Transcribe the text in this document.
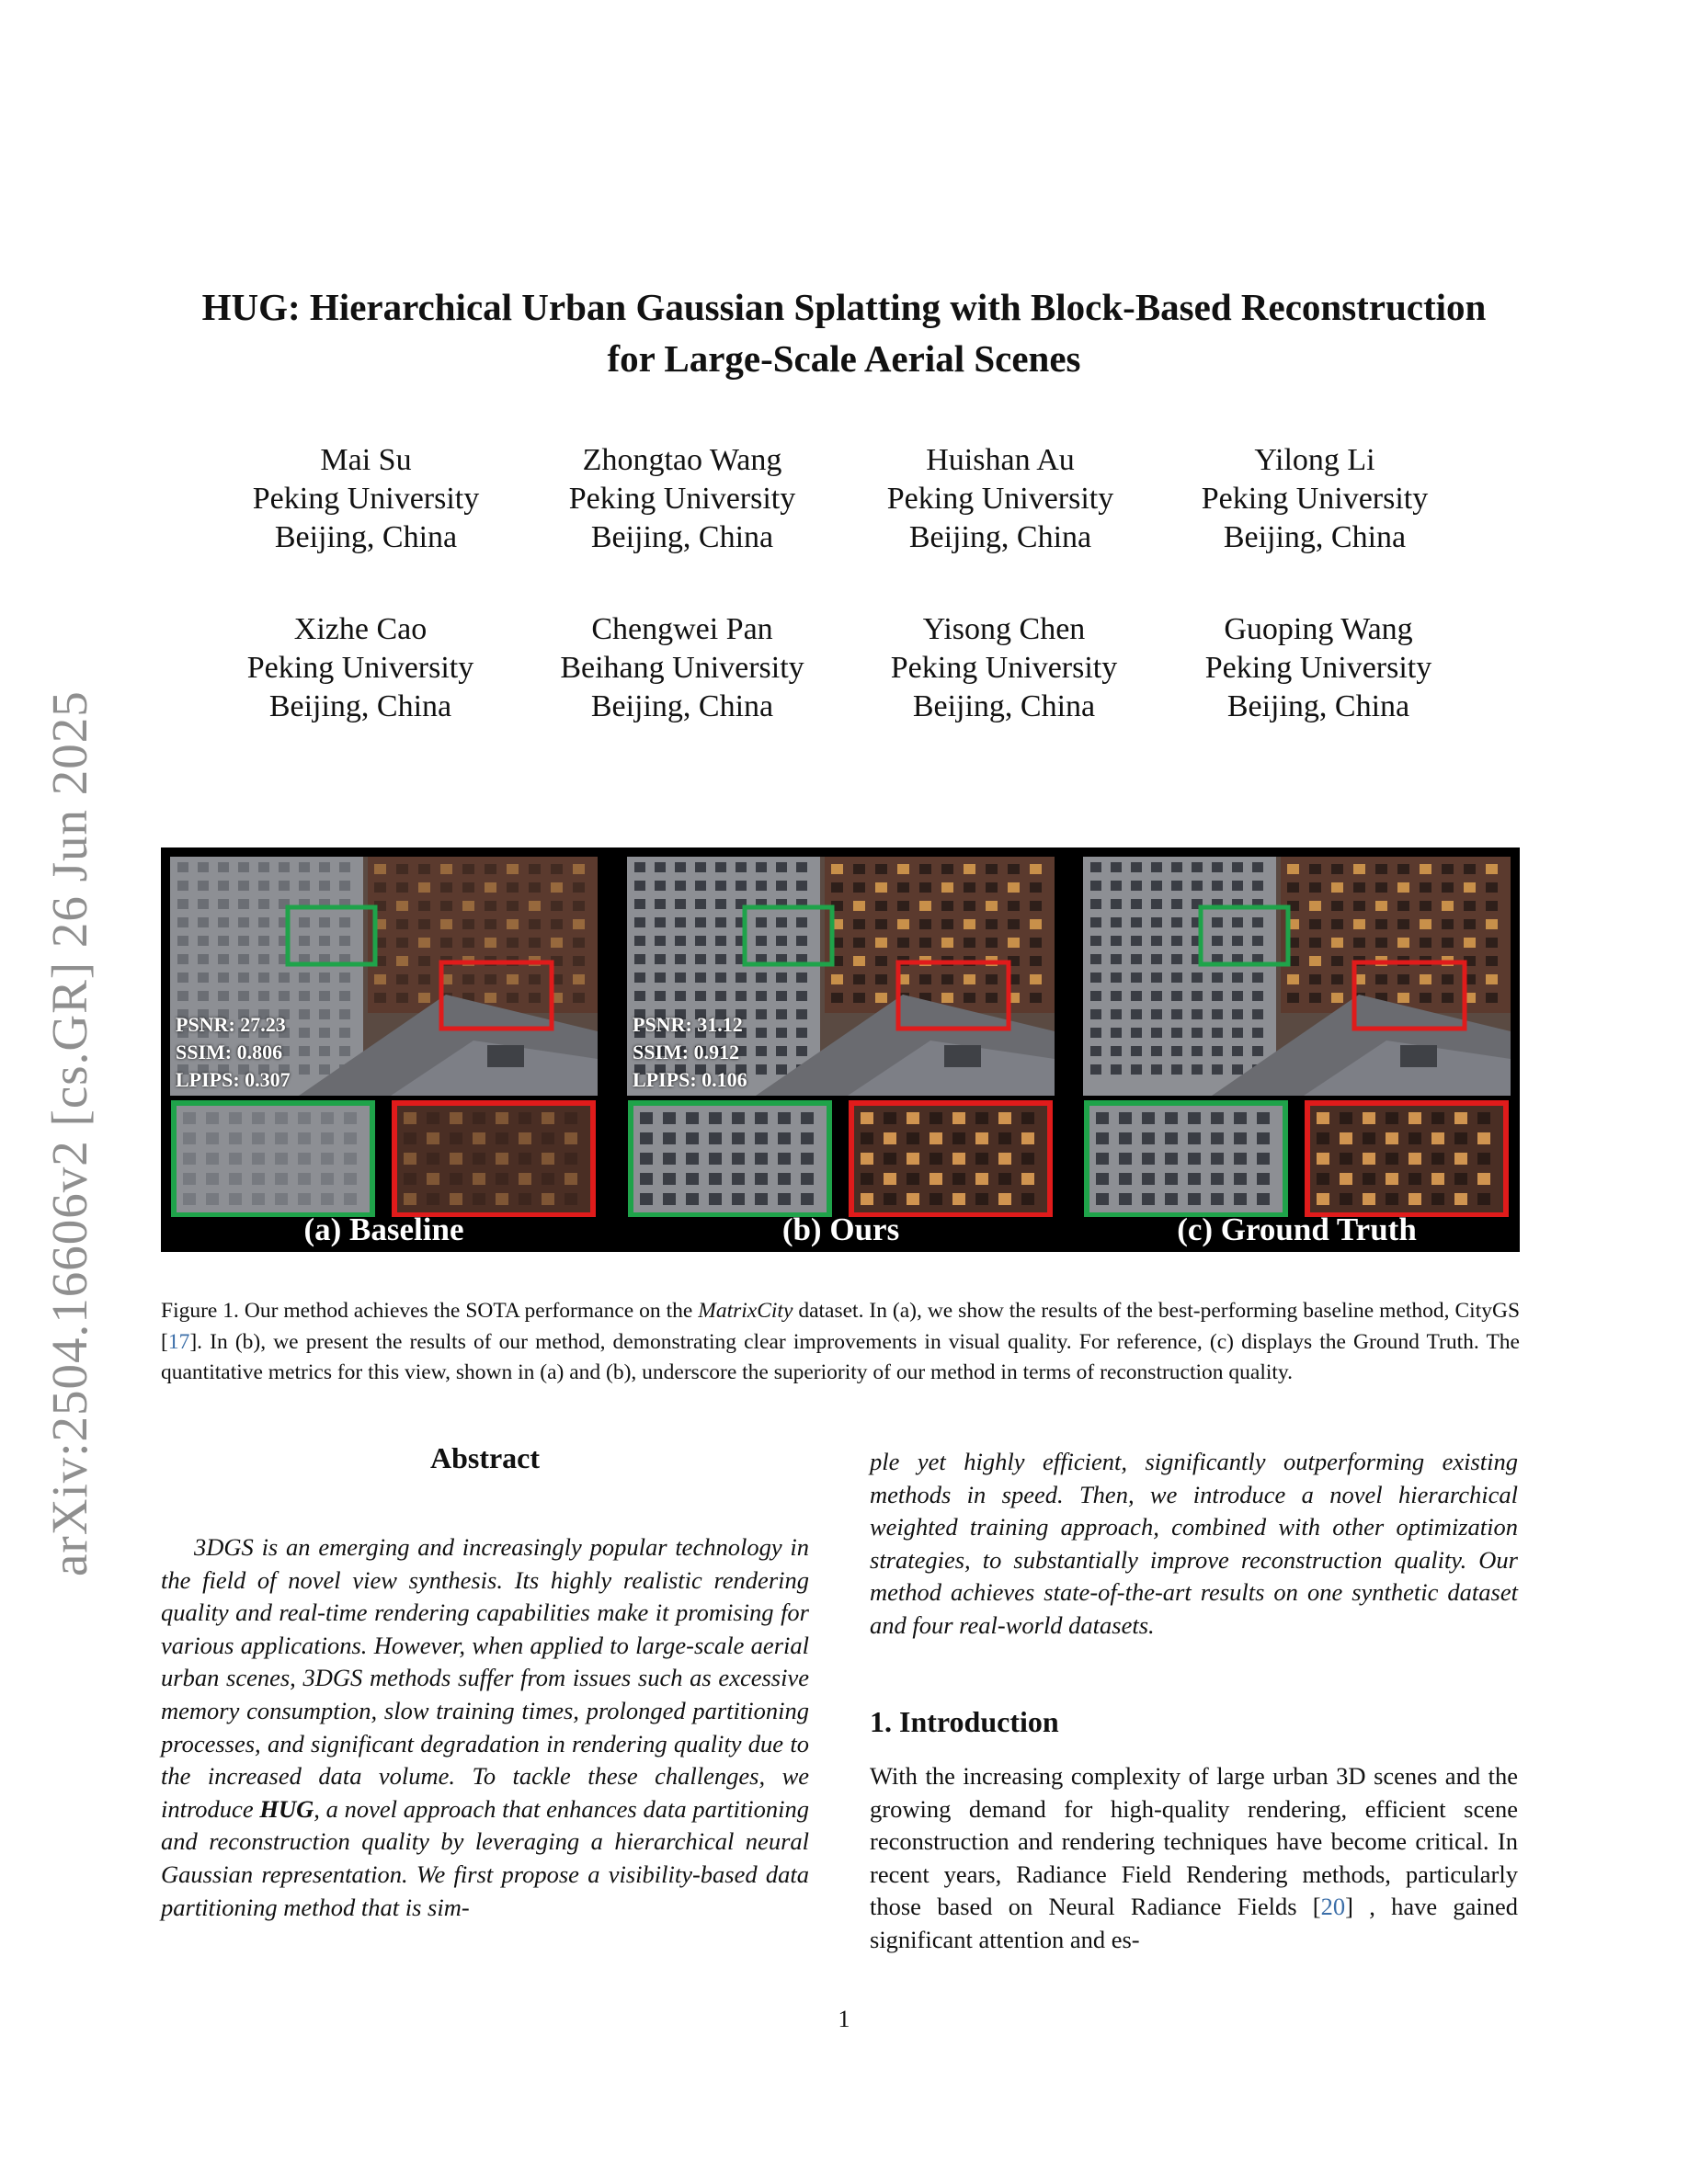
arXiv:2504.16606v2 [cs.GR] 26 Jun 2025
HUG: Hierarchical Urban Gaussian Splatting with Block-Based Reconstruction
for Large-Scale Aerial Scenes
Mai Su
Peking University
Beijing, China
Zhongtao Wang
Peking University
Beijing, China
Huishan Au
Peking University
Beijing, China
Yilong Li
Peking University
Beijing, China
Xizhe Cao
Peking University
Beijing, China
Chengwei Pan
Beihang University
Beijing, China
Yisong Chen
Peking University
Beijing, China
Guoping Wang
Peking University
Beijing, China
PSNR: 27.23
SSIM: 0.806
LPIPS: 0.307
(a) Baseline
PSNR: 31.12
SSIM: 0.912
LPIPS: 0.106
(b) Ours	(c) Ground Truth
Figure 1. Our method achieves the SOTA performance on the MatrixCity dataset. In (a), we show the results of the best-performing baseline method, CityGS [17]. In (b), we present the results of our method, demonstrating clear improvements in visual quality. For reference, (c) displays the Ground Truth. The quantitative metrics for this view, shown in (a) and (b), underscore the superiority of our method in terms of reconstruction quality.
Abstract

3DGS is an emerging and increasingly popular technology in the field of novel view synthesis. Its highly realistic rendering quality and real-time rendering capabilities make it promising for various applications. However, when applied to large-scale aerial urban scenes, 3DGS methods suffer from issues such as excessive memory consumption, slow training times, prolonged partitioning processes, and significant degradation in rendering quality due to the increased data volume. To tackle these challenges, we introduce HUG, a novel approach that enhances data partitioning and reconstruction quality by leveraging a hierarchical neural Gaussian representation. We first propose a visibility-based data partitioning method that is sim-

ple yet highly efficient, significantly outperforming existing methods in speed. Then, we introduce a novel hierarchical weighted training approach, combined with other optimization strategies, to substantially improve reconstruction quality. Our method achieves state-of-the-art results on one synthetic dataset and four real-world datasets.

1. Introduction

With the increasing complexity of large urban 3D scenes and the growing demand for high-quality rendering, efficient scene reconstruction and rendering techniques have become critical. In recent years, Radiance Field Rendering methods, particularly those based on Neural Radiance Fields [20] , have gained significant attention and es-

1
